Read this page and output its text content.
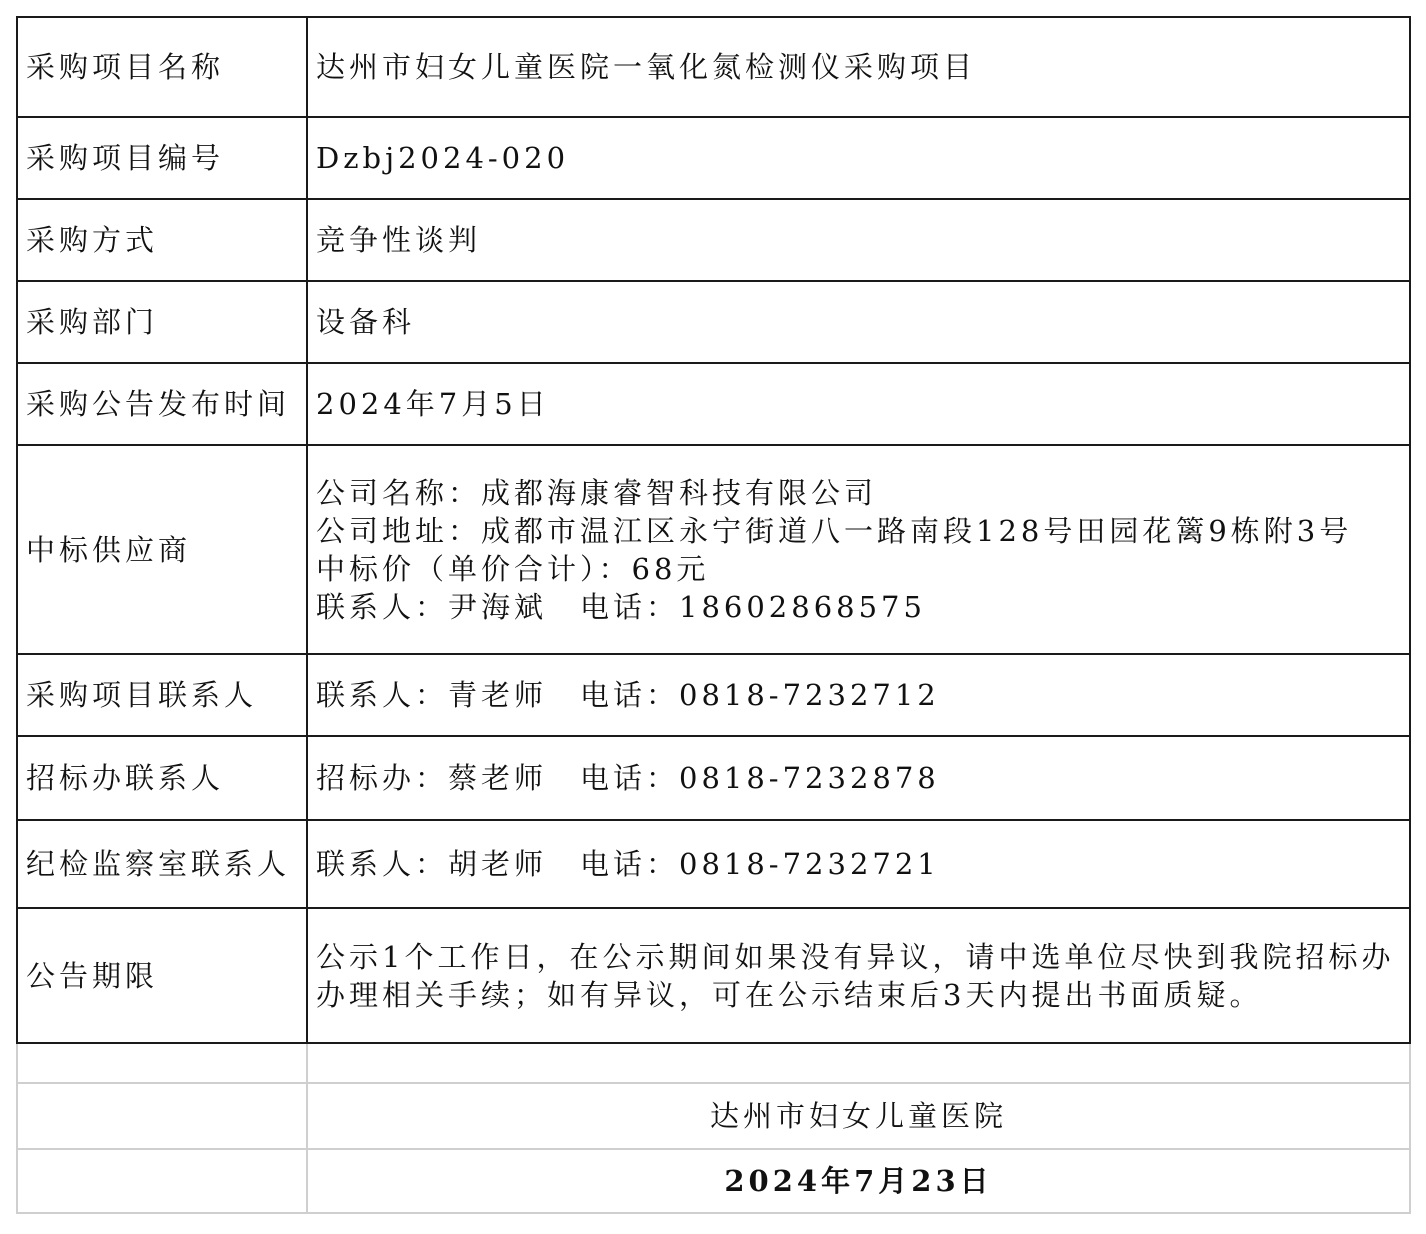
采购项目名称	达州市妇女儿童医院一氧化氮检测仪采购项目
采购项目编号	Dzbj2024-020
采购方式	竞争性谈判
采购部门	设备科
采购公告发布时间	2024年7月5日
中标供应商	公司名称：成都海康睿智科技有限公司
公司地址：成都市温江区永宁街道八一路南段128号田园花篱9栋附3号
中标价（单价合计）：68元
联系人：尹海斌　电话：18602868575

采购项目联系人	联系人：青老师　电话：0818-7232712
招标办联系人	招标办：蔡老师　电话：0818-7232878
纪检监察室联系人	联系人：胡老师　电话：0818-7232721
公告期限	公示1个工作日，在公示期间如果没有异议，请中选单位尽快到我院招标办办理相关手续；如有异议，可在公示结束后3天内提出书面质疑。

	达州市妇女儿童医院
	2024年7月23日
